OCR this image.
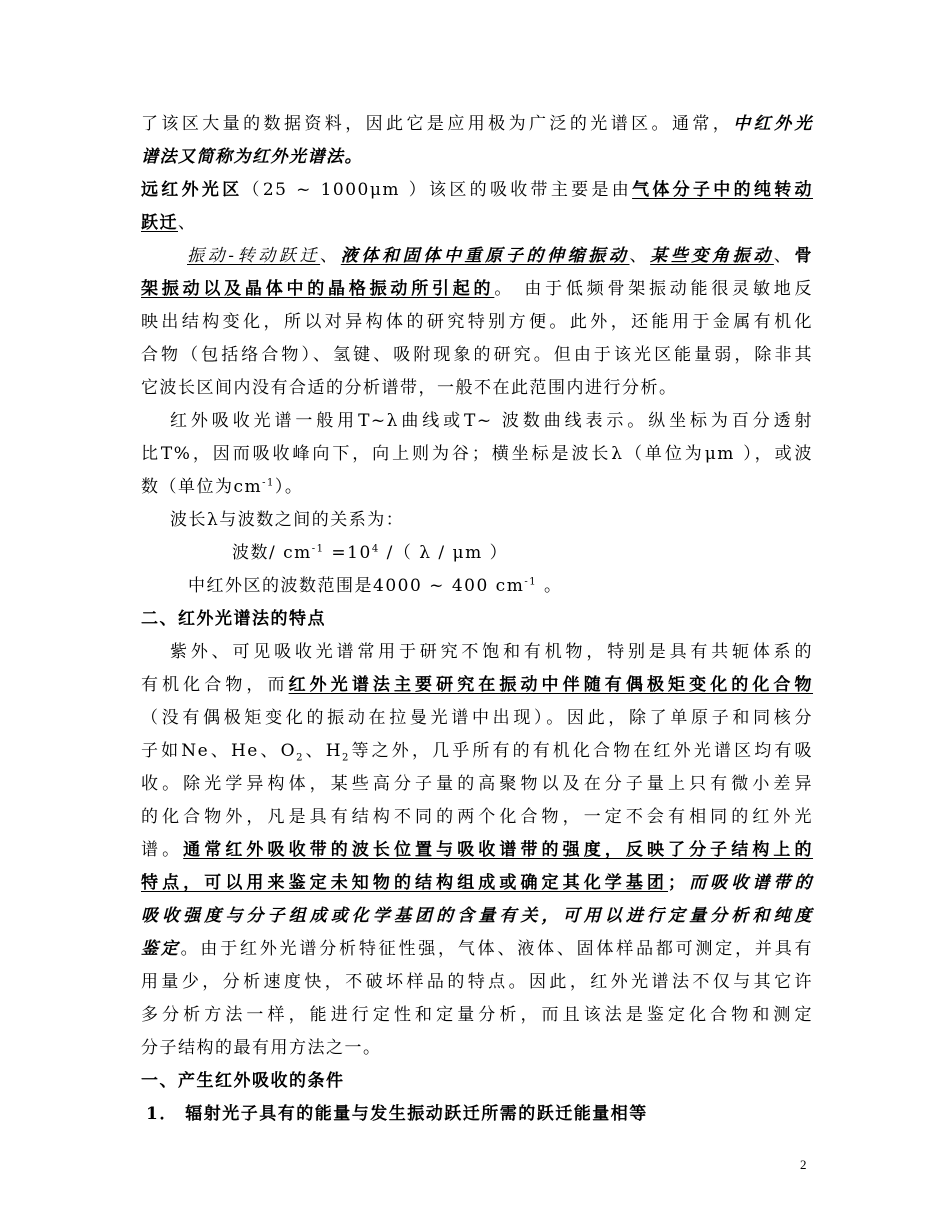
了该区大量的数据资料，因此它是应用极为广泛的光谱区。通常，中红外光
谱法又简称为红外光谱法。
远红外光区（25 ~ 1000μm ）该区的吸收带主要是由气体分子中的纯转动
跃迁、
振动-转动跃迁、液体和固体中重原子的伸缩振动、某些变角振动、骨
架振动以及晶体中的晶格振动所引起的。 由于低频骨架振动能很灵敏地反
映出结构变化，所以对异构体的研究特别方便。此外，还能用于金属有机化
合物（包括络合物）、氢键、吸附现象的研究。但由于该光区能量弱，除非其
它波长区间内没有合适的分析谱带，一般不在此范围内进行分析。
红外吸收光谱一般用T~λ曲线或T~ 波数曲线表示。纵坐标为百分透射
比T%，因而吸收峰向下，向上则为谷；横坐标是波长λ（单位为μm ），或波
数（单位为$cm^{-1}$）。
波长λ与波数之间的关系为：
波数/ $cm^{-1} =10^4$ /（ λ / μm ）
中红外区的波数范围是4000 ~ 400 $cm^{-1}$ 。
二、红外光谱法的特点
紫外、可见吸收光谱常用于研究不饱和有机物，特别是具有共轭体系的
有机化合物，而红外光谱法主要研究在振动中伴随有偶极矩变化的化合物
（没有偶极矩变化的振动在拉曼光谱中出现）。因此，除了单原子和同核分
子如Ne、He、$O_2$、$H_2$等之外，几乎所有的有机化合物在红外光谱区均有吸
收。除光学异构体，某些高分子量的高聚物以及在分子量上只有微小差异
的化合物外，凡是具有结构不同的两个化合物，一定不会有相同的红外光
谱。通常红外吸收带的波长位置与吸收谱带的强度，反映了分子结构上的
特点，可以用来鉴定未知物的结构组成或确定其化学基团；而吸收谱带的
吸收强度与分子组成或化学基团的含量有关，可用以进行定量分析和纯度
鉴定。由于红外光谱分析特征性强，气体、液体、固体样品都可测定，并具有
用量少，分析速度快，不破坏样品的特点。因此，红外光谱法不仅与其它许
多分析方法一样，能进行定性和定量分析，而且该法是鉴定化合物和测定
分子结构的最有用方法之一。
一、产生红外吸收的条件
1． 辐射光子具有的能量与发生振动跃迁所需的跃迁能量相等
2
